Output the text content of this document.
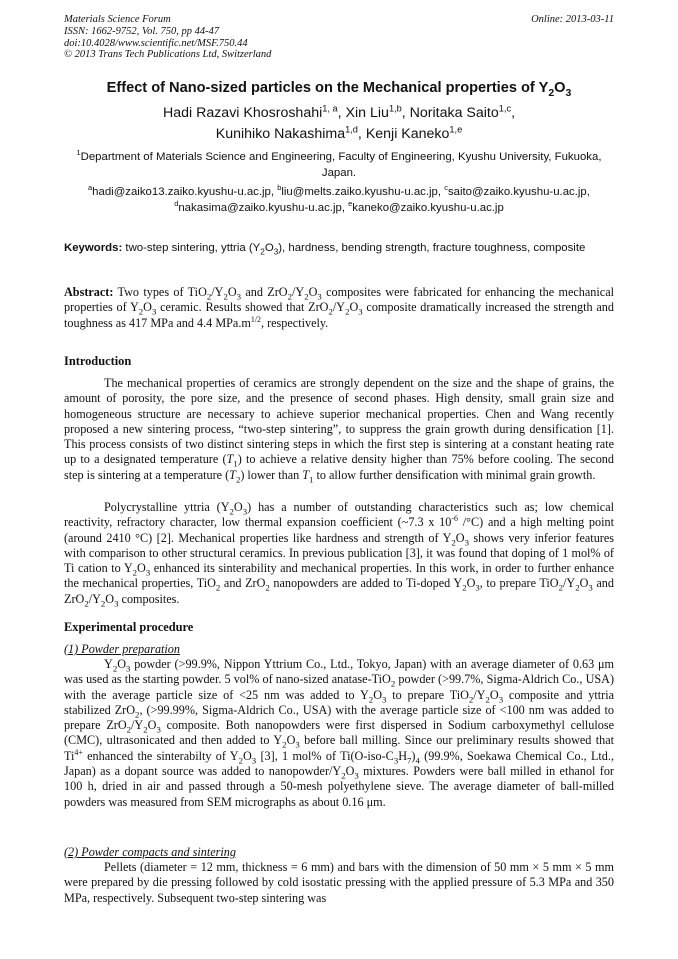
Materials Science Forum
ISSN: 1662-9752, Vol. 750, pp 44-47
doi:10.4028/www.scientific.net/MSF.750.44
© 2013 Trans Tech Publications Ltd, Switzerland
Online: 2013-03-11
Effect of Nano-sized particles on the Mechanical properties of $Y_2O_3$
Hadi Razavi Khosroshahi$^{1, a}$, Xin Liu$^{1,b}$, Noritaka Saito$^{1,c}$,
Kunihiko Nakashima$^{1,d}$, Kenji Kaneko$^{1,e}$
$^1$Department of Materials Science and Engineering, Faculty of Engineering, Kyushu University, Fukuoka, Japan.
$^a$hadi@zaiko13.zaiko.kyushu-u.ac.jp, $^b$liu@melts.zaiko.kyushu-u.ac.jp, $^c$saito@zaiko.kyushu-u.ac.jp,
$^d$nakasima@zaiko.kyushu-u.ac.jp, $^e$kaneko@zaiko.kyushu-u.ac.jp
Keywords: two-step sintering, yttria $(Y_2O_3)$, hardness, bending strength, fracture toughness, composite
Abstract: Two types of $TiO_2/Y_2O_3$ and $ZrO_2/Y_2O_3$ composites were fabricated for enhancing the mechanical properties of $Y_2O_3$ ceramic. Results showed that $ZrO_2/Y_2O_3$ composite dramatically increased the strength and toughness as 417 MPa and 4.4 $MPa.m^{1/2}$, respectively.
Introduction
The mechanical properties of ceramics are strongly dependent on the size and the shape of grains, the amount of porosity, the pore size, and the presence of second phases. High density, small grain size and homogeneous structure are necessary to achieve superior mechanical properties. Chen and Wang recently proposed a new sintering process, “two-step sintering”, to suppress the grain growth during densification [1]. This process consists of two distinct sintering steps in which the first step is sintering at a constant heating rate up to a designated temperature $(T_1)$ to achieve a relative density higher than 75% before cooling. The second step is sintering at a temperature $(T_2)$ lower than $T_1$ to allow further densification with minimal grain growth.
Polycrystalline yttria $(Y_2O_3)$ has a number of outstanding characteristics such as; low chemical reactivity, refractory character, low thermal expansion coefficient (~7.3 x $10^{-6}$ /°C) and a high melting point (around 2410 °C) [2]. Mechanical properties like hardness and strength of $Y_2O_3$ shows very inferior features with comparison to other structural ceramics. In previous publication [3], it was found that doping of 1 mol% of Ti cation to $Y_2O_3$ enhanced its sinterability and mechanical properties. In this work, in order to further enhance the mechanical properties, TiO$_2$ and ZrO$_2$ nanopowders are added to Ti-doped $Y_2O_3$, to prepare $TiO_2/Y_2O_3$ and $ZrO_2/Y_2O_3$ composites.
Experimental procedure
(1) Powder preparation
$Y_2O_3$ powder (>99.9%, Nippon Yttrium Co., Ltd., Tokyo, Japan) with an average diameter of 0.63 μm was used as the starting powder. 5 vol% of nano-sized anatase-TiO$_2$ powder (>99.7%, Sigma-Aldrich Co., USA) with the average particle size of <25 nm was added to $Y_2O_3$ to prepare $TiO_2/Y_2O_3$ composite and yttria stabilized ZrO$_2$, (>99.99%, Sigma-Aldrich Co., USA) with the average particle size of <100 nm was added to prepare $ZrO_2/Y_2O_3$ composite. Both nanopowders were first dispersed in Sodium carboxymethyl cellulose (CMC), ultrasonicated and then added to $Y_2O_3$ before ball milling. Since our preliminary results showed that $Ti^{4+}$ enhanced the sinterabilty of $Y_2O_3$ [3], 1 mol% of $Ti(O-iso-C_3H_7)_4$ (99.9%, Soekawa Chemical Co., Ltd., Japan) as a dopant source was added to nanopowder/$Y_2O_3$ mixtures. Powders were ball milled in ethanol for 100 h, dried in air and passed through a 50-mesh polyethylene sieve. The average diameter of ball-milled powders was measured from SEM micrographs as about 0.16 μm.
(2) Powder compacts and sintering
Pellets (diameter = 12 mm, thickness = 6 mm) and bars with the dimension of 50 mm × 5 mm × 5 mm were prepared by die pressing followed by cold isostatic pressing with the applied pressure of 5.3 MPa and 350 MPa, respectively. Subsequent two-step sintering was
